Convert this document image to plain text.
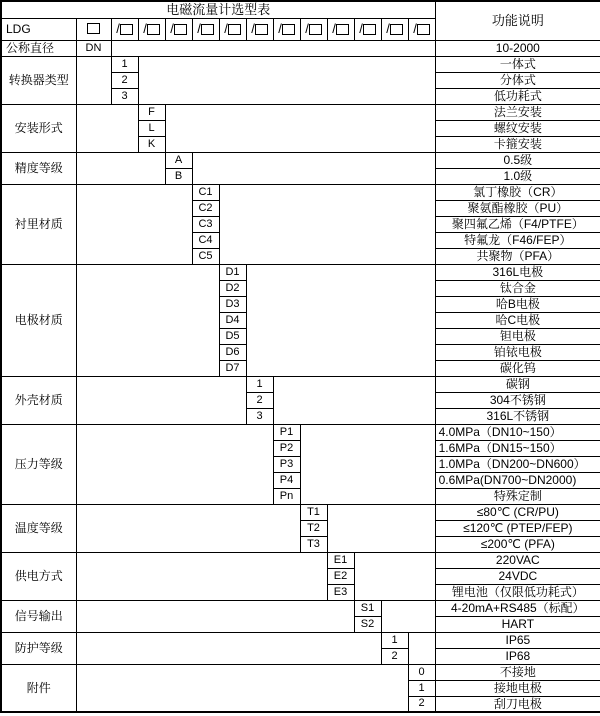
电磁流量计选型表														功能说明
LDG		/	/	/	/	/	/	/	/	/	/	/	/	
公称直径	DN													10-2000
转换器类型		1												一体式
		2												分体式
		3												低功耗式
安装形式			F											法兰安装
			L											螺纹安装
			K											卡箍安装
精度等级				A										0.5级
				B										1.0级
衬里材质					C1									氯丁橡胶（CR）
					C2									聚氨酯橡胶（PU）
					C3									聚四氟乙烯（F4/PTFE）
					C4									特氟龙（F46/FEP）
					C5									共聚物（PFA）
电极材质						D1								316L电极
						D2								钛合金
						D3								哈B电极
						D4								哈C电极
						D5								钽电极
						D6								铂铱电极
						D7								碳化钨
外壳材质							1							碳钢
							2							304不锈钢
							3							316L不锈钢
压力等级								P1						4.0MPa（DN10~150）
								P2						1.6MPa（DN15~150）
								P3						1.0MPa（DN200~DN600）
								P4						0.6MPa(DN700~DN2000)
								Pn						特殊定制
温度等级									T1					≤80℃ (CR/PU)
									T2					≤120℃ (PTEP/FEP)
									T3					≤200℃ (PFA)
供电方式										E1				220VAC
										E2				24VDC
										E3				锂电池（仅限低功耗式）
信号输出											S1			4-20mA+RS485（标配）
											S2			HART
防护等级												1		IP65
												2		IP68
附件													0	不接地
													1	接地电极
													2	刮刀电极
